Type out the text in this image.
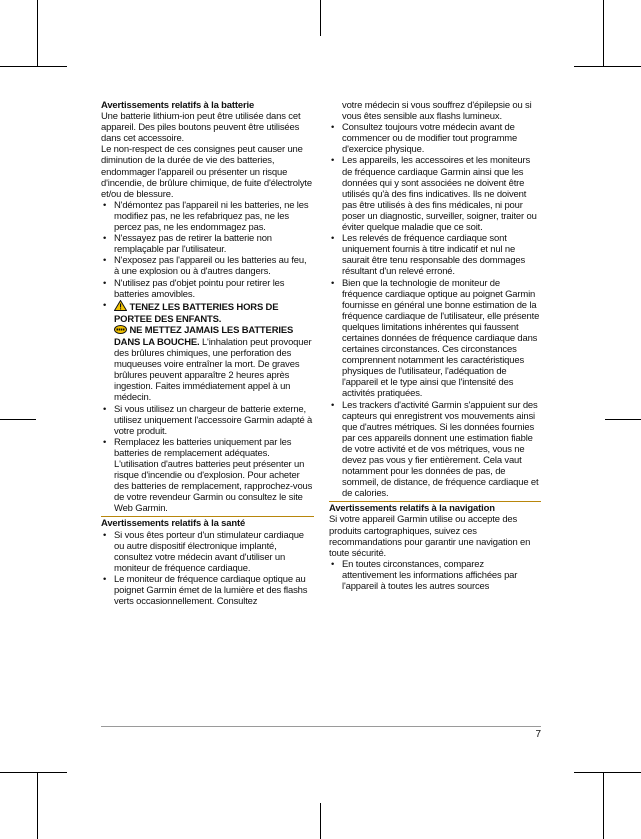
Avertissements relatifs à la batterie

Une batterie lithium-ion peut être utilisée dans cet appareil. Des piles boutons peuvent être utilisées dans cet accessoire.

Le non-respect de ces consignes peut causer une diminution de la durée de vie des batteries, endommager l'appareil ou présenter un risque d'incendie, de brûlure chimique, de fuite d'électrolyte et/ou de blessure.

• N'démontez pas l'appareil ni les batteries, ne les modifiez pas, ne les refabriquez pas, ne les percez pas, ne les endommagez pas.
• N'essayez pas de retirer la batterie non remplaçable par l'utilisateur.
• N'exposez pas l'appareil ou les batteries au feu, à une explosion ou à d'autres dangers.
• N'utilisez pas d'objet pointu pour retirer les batteries amovibles.
• TENEZ LES BATTERIES HORS DE PORTEE DES ENFANTS.
NE METTEZ JAMAIS LES BATTERIES DANS LA BOUCHE. L'inhalation peut provoquer des brûlures chimiques, une perforation des muqueuses voire entraîner la mort. De graves brûlures peuvent apparaître 2 heures après ingestion. Faites immédiatement appel à un médecin.
• Si vous utilisez un chargeur de batterie externe, utilisez uniquement l'accessoire Garmin adapté à votre produit.
• Remplacez les batteries uniquement par les batteries de remplacement adéquates. L'utilisation d'autres batteries peut présenter un risque d'incendie ou d'explosion. Pour acheter des batteries de remplacement, rapprochez-vous de votre revendeur Garmin ou consultez le site Web Garmin.

Avertissements relatifs à la santé

• Si vous êtes porteur d'un stimulateur cardiaque ou autre dispositif électronique implanté, consultez votre médecin avant d'utiliser un moniteur de fréquence cardiaque.
• Le moniteur de fréquence cardiaque optique au poignet Garmin émet de la lumière et des flashs verts occasionnellement. Consultez

votre médecin si vous souffrez d'épilepsie ou si vous êtes sensible aux flashs lumineux.

• Consultez toujours votre médecin avant de commencer ou de modifier tout programme d'exercice physique.
• Les appareils, les accessoires et les moniteurs de fréquence cardiaque Garmin ainsi que les données qui y sont associées ne doivent être utilisés qu'à des fins indicatives. Ils ne doivent pas être utilisés à des fins médicales, ni pour poser un diagnostic, surveiller, soigner, traiter ou éviter quelque maladie que ce soit.
• Les relevés de fréquence cardiaque sont uniquement fournis à titre indicatif et nul ne saurait être tenu responsable des dommages résultant d'un relevé erroné.
• Bien que la technologie de moniteur de fréquence cardiaque optique au poignet Garmin fournisse en général une bonne estimation de la fréquence cardiaque de l'utilisateur, elle présente quelques limitations inhérentes qui faussent certaines données de fréquence cardiaque dans certaines circonstances. Ces circonstances comprennent notamment les caractéristiques physiques de l'utilisateur, l'adéquation de l'appareil et le type ainsi que l'intensité des activités pratiquées.
• Les trackers d'activité Garmin s'appuient sur des capteurs qui enregistrent vos mouvements ainsi que d'autres métriques. Si les données fournies par ces appareils donnent une estimation fiable de votre activité et de vos métriques, vous ne devez pas vous y fier entièrement. Cela vaut notamment pour les données de pas, de sommeil, de distance, de fréquence cardiaque et de calories.

Avertissements relatifs à la navigation

Si votre appareil Garmin utilise ou accepte des produits cartographiques, suivez ces recommandations pour garantir une navigation en toute sécurité.

• En toutes circonstances, comparez attentivement les informations affichées par l'appareil à toutes les autres sources
7
